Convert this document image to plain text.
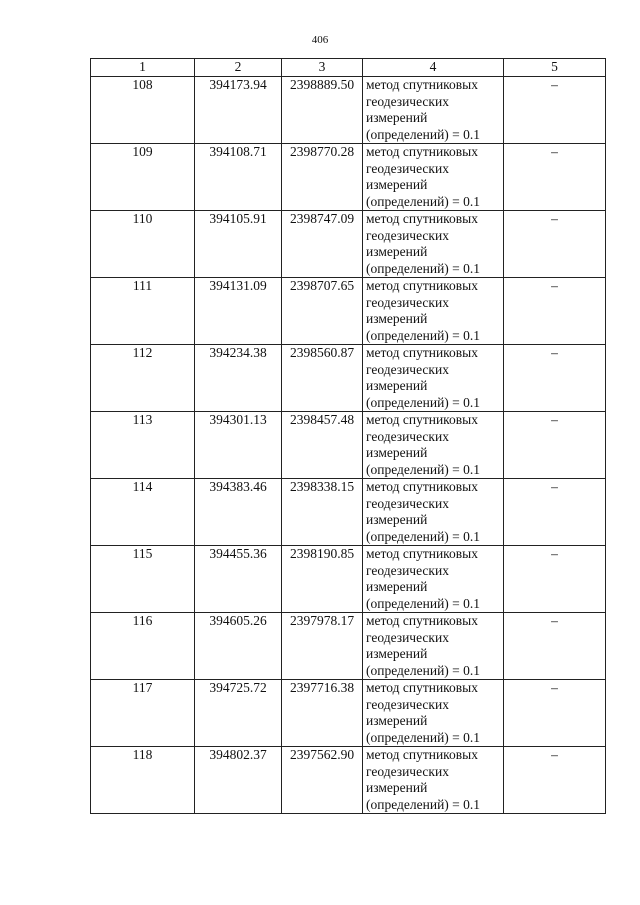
406
1	2	3	4	5
108	394173.94	2398889.50	метод спутниковых
геодезических
измерений
(определений) = 0.1	–
109	394108.71	2398770.28	метод спутниковых
геодезических
измерений
(определений) = 0.1	–
110	394105.91	2398747.09	метод спутниковых
геодезических
измерений
(определений) = 0.1	–
111	394131.09	2398707.65	метод спутниковых
геодезических
измерений
(определений) = 0.1	–
112	394234.38	2398560.87	метод спутниковых
геодезических
измерений
(определений) = 0.1	–
113	394301.13	2398457.48	метод спутниковых
геодезических
измерений
(определений) = 0.1	–
114	394383.46	2398338.15	метод спутниковых
геодезических
измерений
(определений) = 0.1	–
115	394455.36	2398190.85	метод спутниковых
геодезических
измерений
(определений) = 0.1	–
116	394605.26	2397978.17	метод спутниковых
геодезических
измерений
(определений) = 0.1	–
117	394725.72	2397716.38	метод спутниковых
геодезических
измерений
(определений) = 0.1	–
118	394802.37	2397562.90	метод спутниковых
геодезических
измерений
(определений) = 0.1	–
